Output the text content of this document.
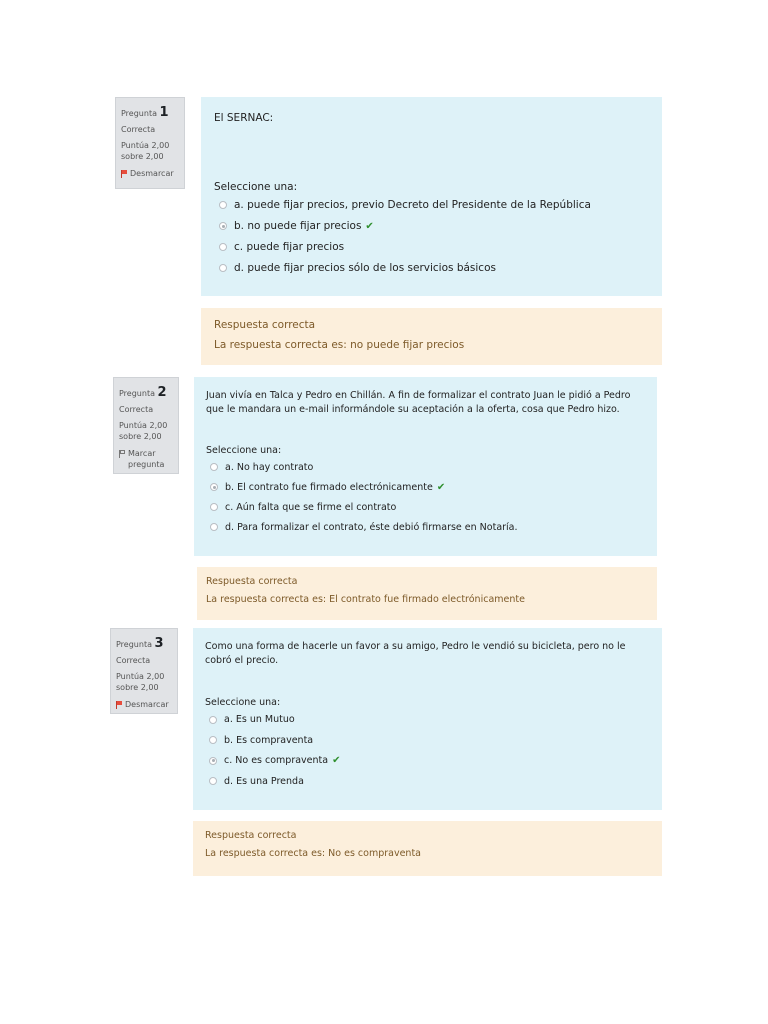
Pregunta 1
Correcta
Puntúa 2,00 sobre 2,00
Desmarcar
El SERNAC:
Seleccione una:
a. puede fijar precios, previo Decreto del Presidente de la República
b. no puede fijar precios ✔
c. puede fijar precios
d. puede fijar precios sólo de los servicios básicos
Respuesta correcta
La respuesta correcta es: no puede fijar precios
Pregunta 2
Correcta
Puntúa 2,00 sobre 2,00
Marcar pregunta
Juan vivía en Talca y Pedro en Chillán. A fin de formalizar el contrato Juan le pidió a Pedro que le mandara un e-mail informándole su aceptación a la oferta, cosa que Pedro hizo.
Seleccione una:
a. No hay contrato
b. El contrato fue firmado electrónicamente ✔
c. Aún falta que se firme el contrato
d. Para formalizar el contrato, éste debió firmarse en Notaría.
Respuesta correcta
La respuesta correcta es: El contrato fue firmado electrónicamente
Pregunta 3
Correcta
Puntúa 2,00 sobre 2,00
Desmarcar
Como una forma de hacerle un favor a su amigo, Pedro le vendió su bicicleta, pero no le cobró el precio.
Seleccione una:
a. Es un Mutuo
b. Es compraventa
c. No es compraventa ✔
d. Es una Prenda
Respuesta correcta
La respuesta correcta es: No es compraventa
